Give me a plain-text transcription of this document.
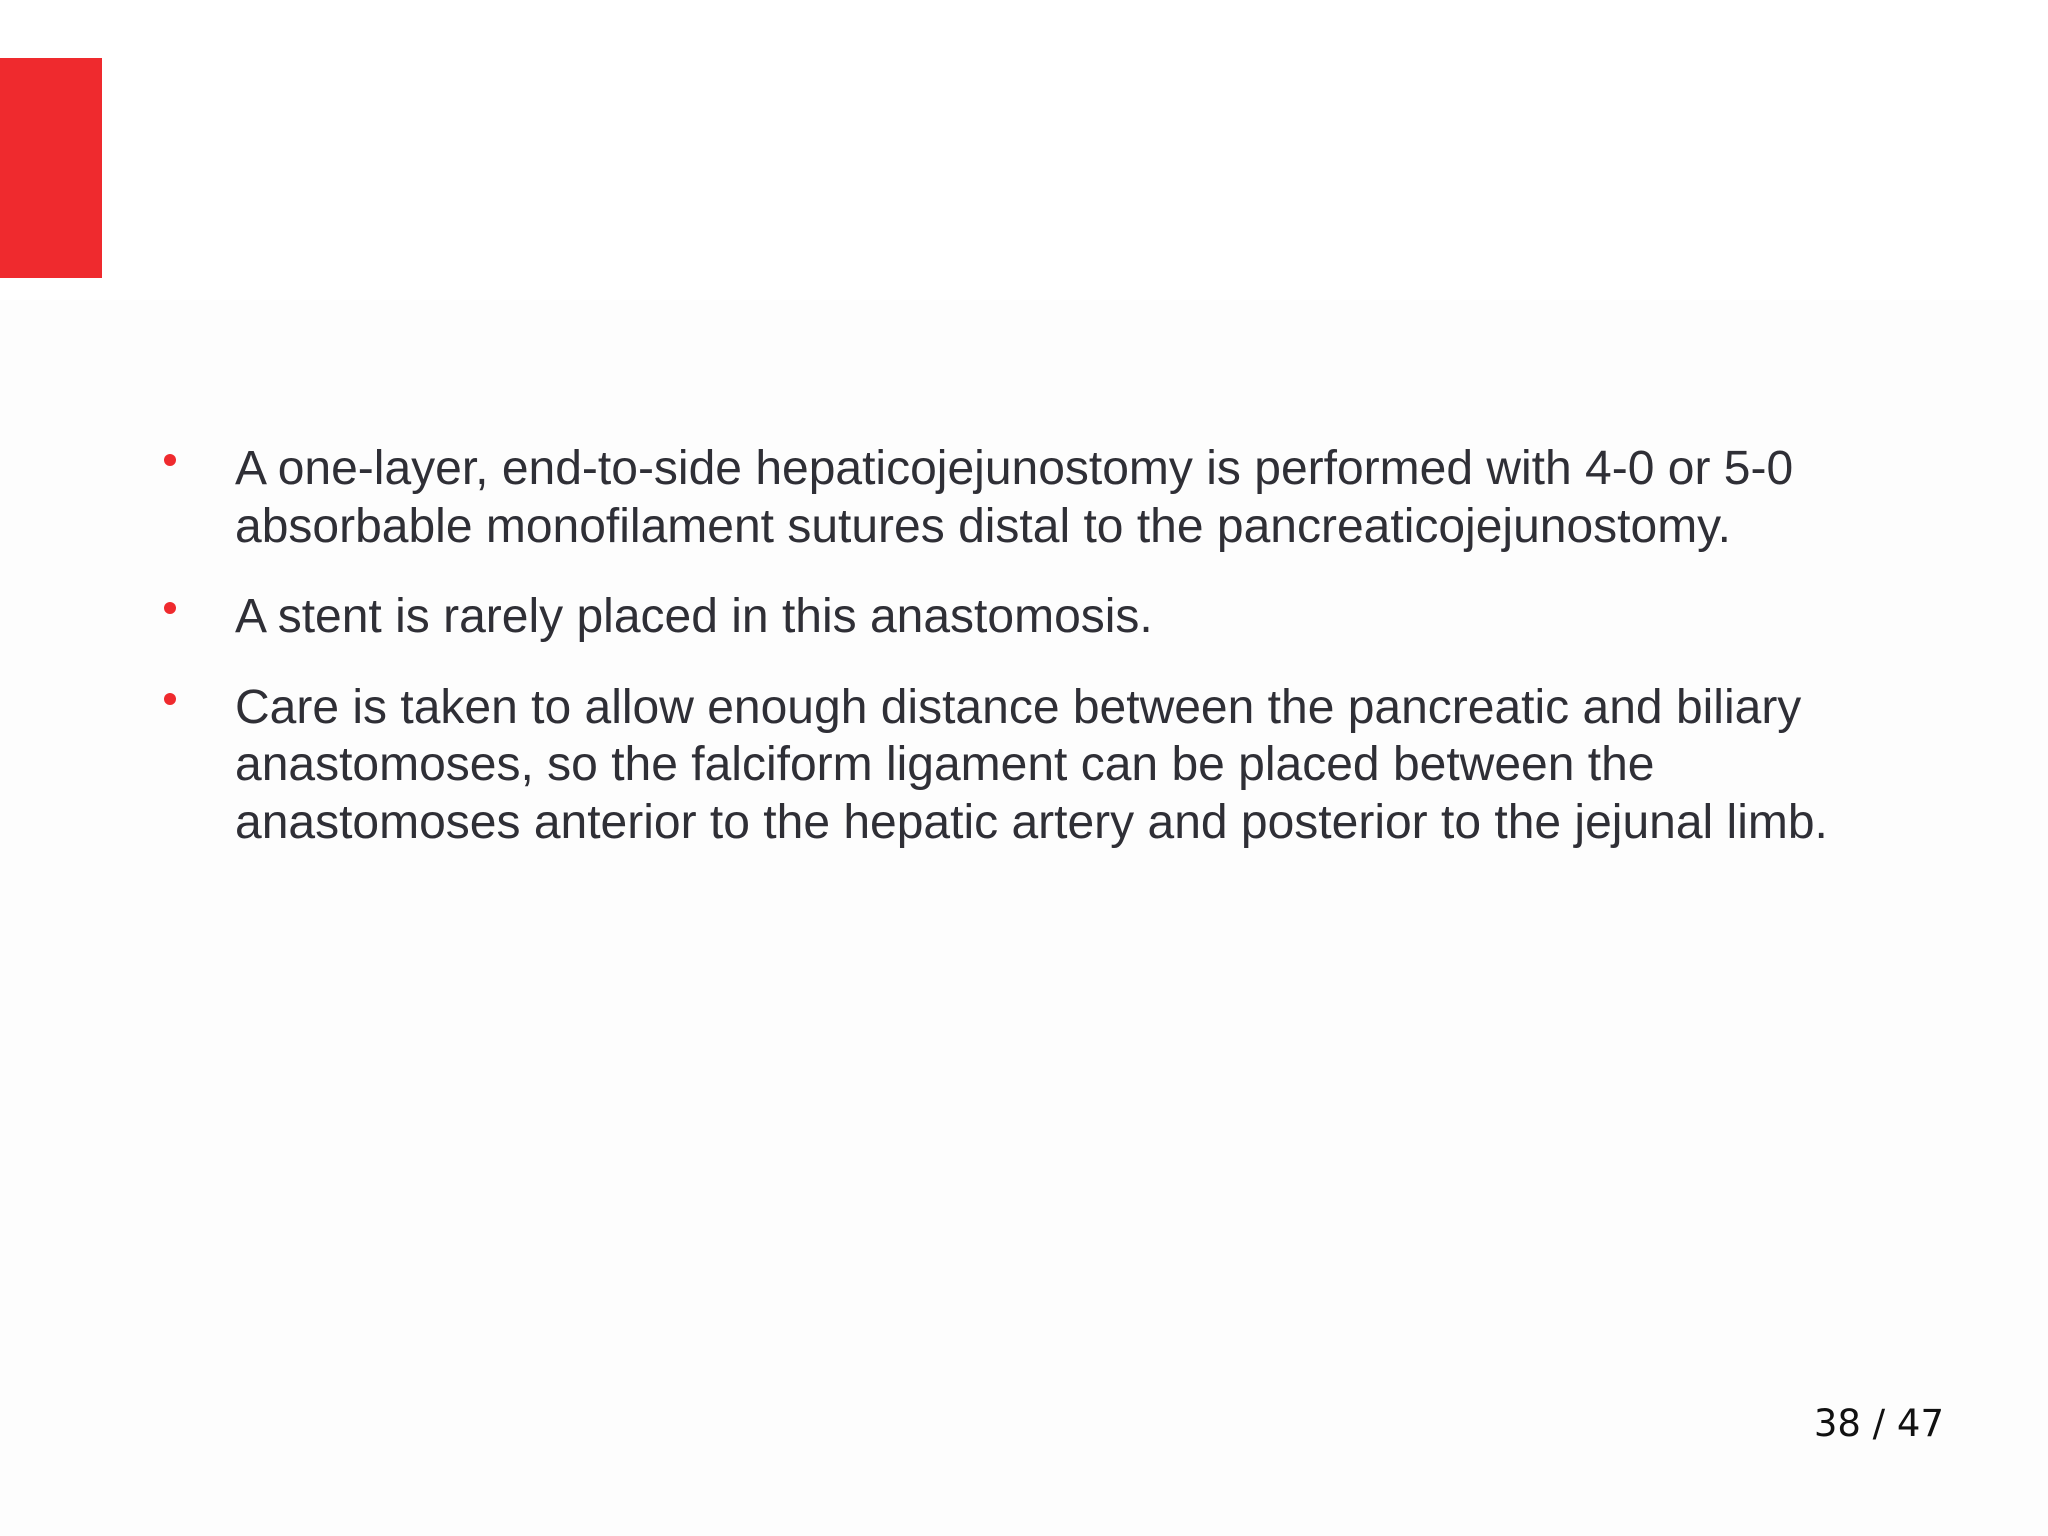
A one-layer, end-to-side hepaticojejunostomy is performed with 4-0 or 5-0 absorbable monofilament sutures distal to the pancreaticojejunostomy.
A stent is rarely placed in this anastomosis.
Care is taken to allow enough distance between the pancreatic and biliary anastomoses, so the falciform ligament can be placed between the anastomoses anterior to the hepatic artery and posterior to the jejunal limb.
38 / 47
